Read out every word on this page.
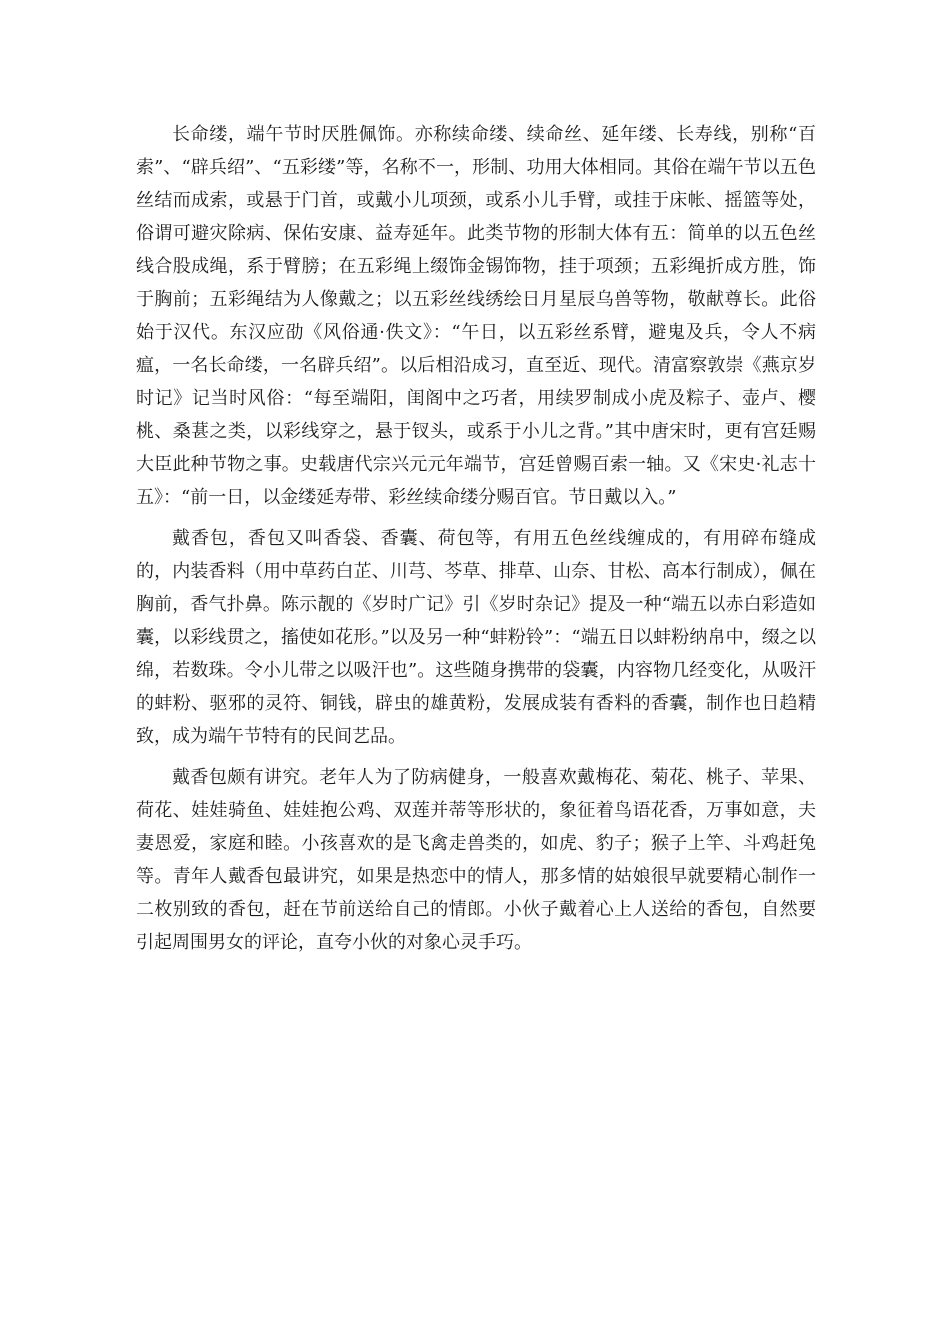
长命缕，端午节时厌胜佩饰。亦称续命缕、续命丝、延年缕、长寿线，别称“百索”、“辟兵绍”、“五彩缕”等，名称不一，形制、功用大体相同。其俗在端午节以五色丝结而成索，或悬于门首，或戴小儿项颈，或系小儿手臂，或挂于床帐、摇篮等处，俗谓可避灾除病、保佑安康、益寿延年。此类节物的形制大体有五：简单的以五色丝线合股成绳，系于臂膀；在五彩绳上缀饰金锡饰物，挂于项颈；五彩绳折成方胜，饰于胸前；五彩绳结为人像戴之；以五彩丝线绣绘日月星辰乌兽等物，敬献尊长。此俗始于汉代。东汉应劭《风俗通·佚文》：“午日，以五彩丝系臂，避鬼及兵，令人不病瘟，一名长命缕，一名辟兵绍”。以后相沿成习，直至近、现代。清富察敦崇《燕京岁时记》记当时风俗：“每至端阳，闺阁中之巧者，用续罗制成小虎及粽子、壶卢、樱桃、桑葚之类，以彩线穿之，悬于钗头，或系于小儿之背。”其中唐宋时，更有宫廷赐大臣此种节物之事。史载唐代宗兴元元年端节，宫廷曾赐百索一轴。又《宋史·礼志十五》：“前一日，以金缕延寿带、彩丝续命缕分赐百官。节日戴以入。”

戴香包，香包又叫香袋、香囊、荷包等，有用五色丝线缠成的，有用碎布缝成的，内装香料（用中草药白芷、川芎、芩草、排草、山奈、甘松、高本行制成），佩在胸前，香气扑鼻。陈示靓的《岁时广记》引《岁时杂记》提及一种“端五以赤白彩造如囊，以彩线贯之，搐使如花形。”以及另一种“蚌粉铃”：“端五日以蚌粉纳帛中，缀之以绵，若数珠。令小儿带之以吸汗也”。这些随身携带的袋囊，内容物几经变化，从吸汗的蚌粉、驱邪的灵符、铜钱，辟虫的雄黄粉，发展成装有香料的香囊，制作也日趋精致，成为端午节特有的民间艺品。

戴香包颇有讲究。老年人为了防病健身，一般喜欢戴梅花、菊花、桃子、苹果、荷花、娃娃骑鱼、娃娃抱公鸡、双莲并蒂等形状的，象征着鸟语花香，万事如意，夫妻恩爱，家庭和睦。小孩喜欢的是飞禽走兽类的，如虎、豹子；猴子上竿、斗鸡赶兔等。青年人戴香包最讲究，如果是热恋中的情人，那多情的姑娘很早就要精心制作一二枚别致的香包，赶在节前送给自己的情郎。小伙子戴着心上人送给的香包，自然要引起周围男女的评论，直夸小伙的对象心灵手巧。
